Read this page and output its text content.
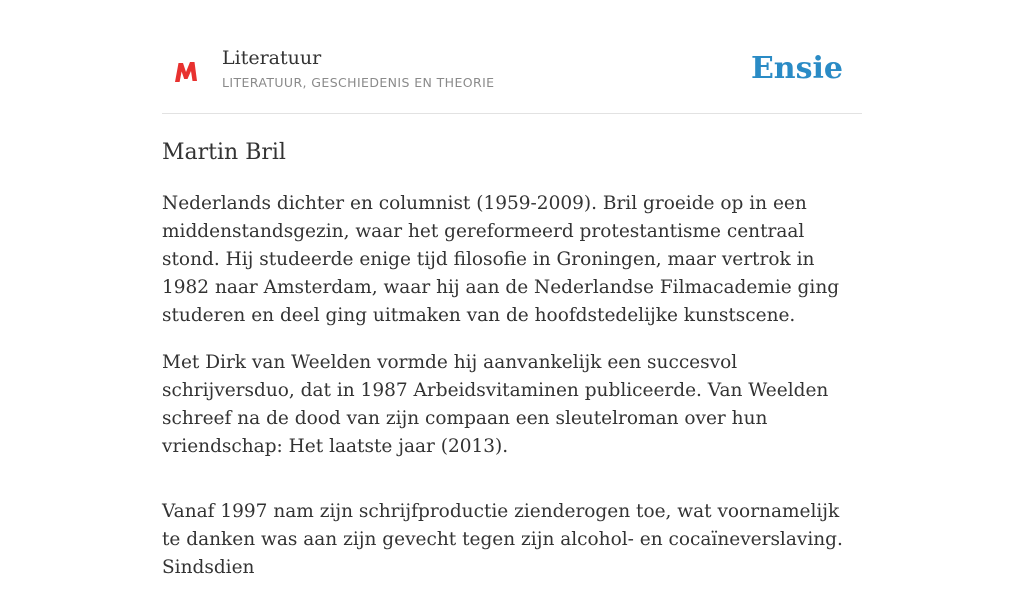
Literatuur
LITERATUUR, GESCHIEDENIS EN THEORIE	Ensie
Martin Bril

Nederlands dichter en columnist (1959-2009). Bril groeide op in een middenstandsgezin, waar het gereformeerd protestantisme centraal stond. Hij studeerde enige tijd filosofie in Groningen, maar vertrok in 1982 naar Amsterdam, waar hij aan de Nederlandse Filmacademie ging studeren en deel ging uitmaken van de hoofdstedelijke kunstscene.

Met Dirk van Weelden vormde hij aanvankelijk een succesvol schrijversduo, dat in 1987 Arbeidsvitaminen publiceerde. Van Weelden schreef na de dood van zijn compaan een sleutelroman over hun vriendschap: Het laatste jaar (2013).

Vanaf 1997 nam zijn schrijfproductie zienderogen toe, wat voornamelijk te danken was aan zijn gevecht tegen zijn alcohol- en cocaïneverslaving. Sindsdien
